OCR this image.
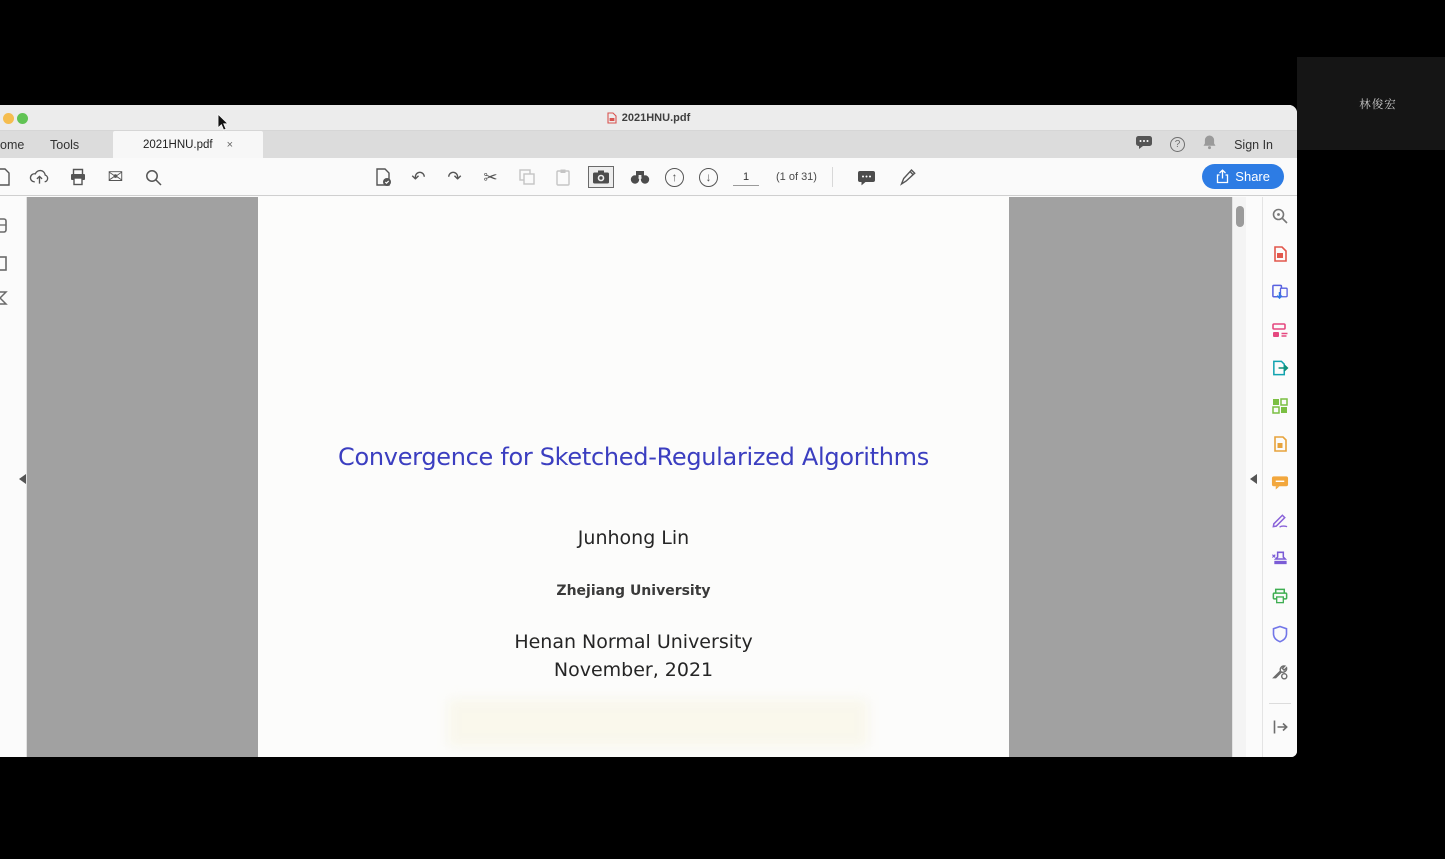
林俊宏
2021HNU.pdf
ome Tools	2021HNU.pdf ×	?	Sign In
✉	↶ ↷ ✂	↑	↓
1	(1 of 31)	Share
Convergence for Sketched-Regularized Algorithms
Junhong Lin
Zhejiang University
Henan Normal University
November, 2021
